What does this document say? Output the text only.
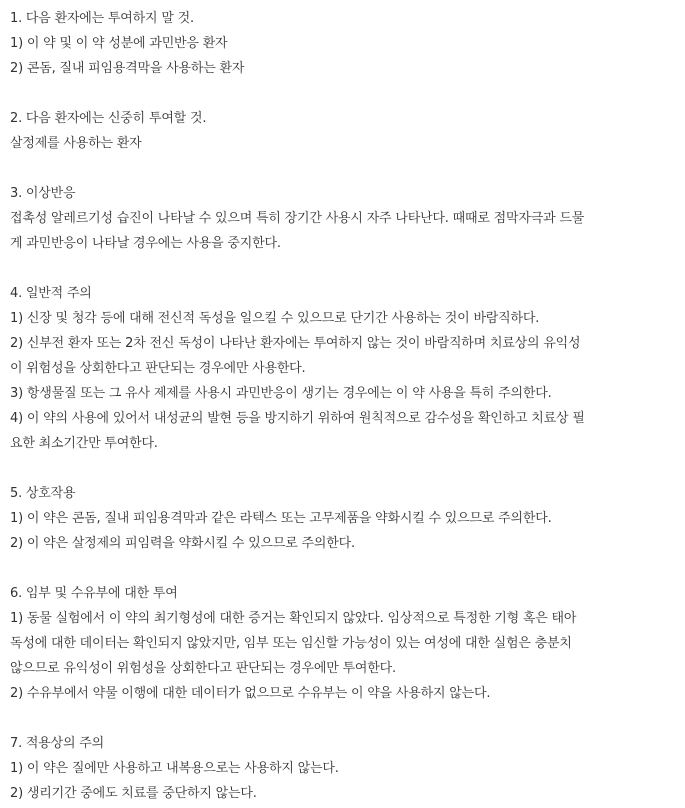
1. 다음 환자에는 투여하지 말 것.
1) 이 약 및 이 약 성분에 과민반응 환자
2) 콘돔, 질내 피임용격막을 사용하는 환자
2. 다음 환자에는 신중히 투여할 것.
살정제를 사용하는 환자
3. 이상반응
접촉성 알레르기성 습진이 나타날 수 있으며 특히 장기간 사용시 자주 나타난다. 때때로 점막자극과 드물
게 과민반응이 나타날 경우에는 사용을 중지한다.
4. 일반적 주의
1) 신장 및 청각 등에 대해 전신적 독성을 일으킬 수 있으므로 단기간 사용하는 것이 바람직하다.
2) 신부전 환자 또는 2차 전신 독성이 나타난 환자에는 투여하지 않는 것이 바람직하며 치료상의 유익성
이 위험성을 상회한다고 판단되는 경우에만 사용한다.
3) 항생물질 또는 그 유사 제제를 사용시 과민반응이 생기는 경우에는 이 약 사용을 특히 주의한다.
4) 이 약의 사용에 있어서 내성균의 발현 등을 방지하기 위하여 원칙적으로 감수성을 확인하고 치료상 필
요한 최소기간만 투여한다.
5. 상호작용
1) 이 약은 콘돔, 질내 피임용격막과 같은 라텍스 또는 고무제품을 약화시킬 수 있으므로 주의한다.
2) 이 약은 살정제의 피임력을 약화시킬 수 있으므로 주의한다.
6. 임부 및 수유부에 대한 투여
1) 동물 실험에서 이 약의 최기형성에 대한 증거는 확인되지 않았다. 임상적으로 특정한 기형 혹은 태아
독성에 대한 데이터는 확인되지 않았지만, 임부 또는 임신할 가능성이 있는 여성에 대한 실험은 충분치
않으므로 유익성이 위험성을 상회한다고 판단되는 경우에만 투여한다.
2) 수유부에서 약물 이행에 대한 데이터가 없으므로 수유부는 이 약을 사용하지 않는다.
7. 적용상의 주의
1) 이 약은 질에만 사용하고 내복용으로는 사용하지 않는다.
2) 생리기간 중에도 치료를 중단하지 않는다.
